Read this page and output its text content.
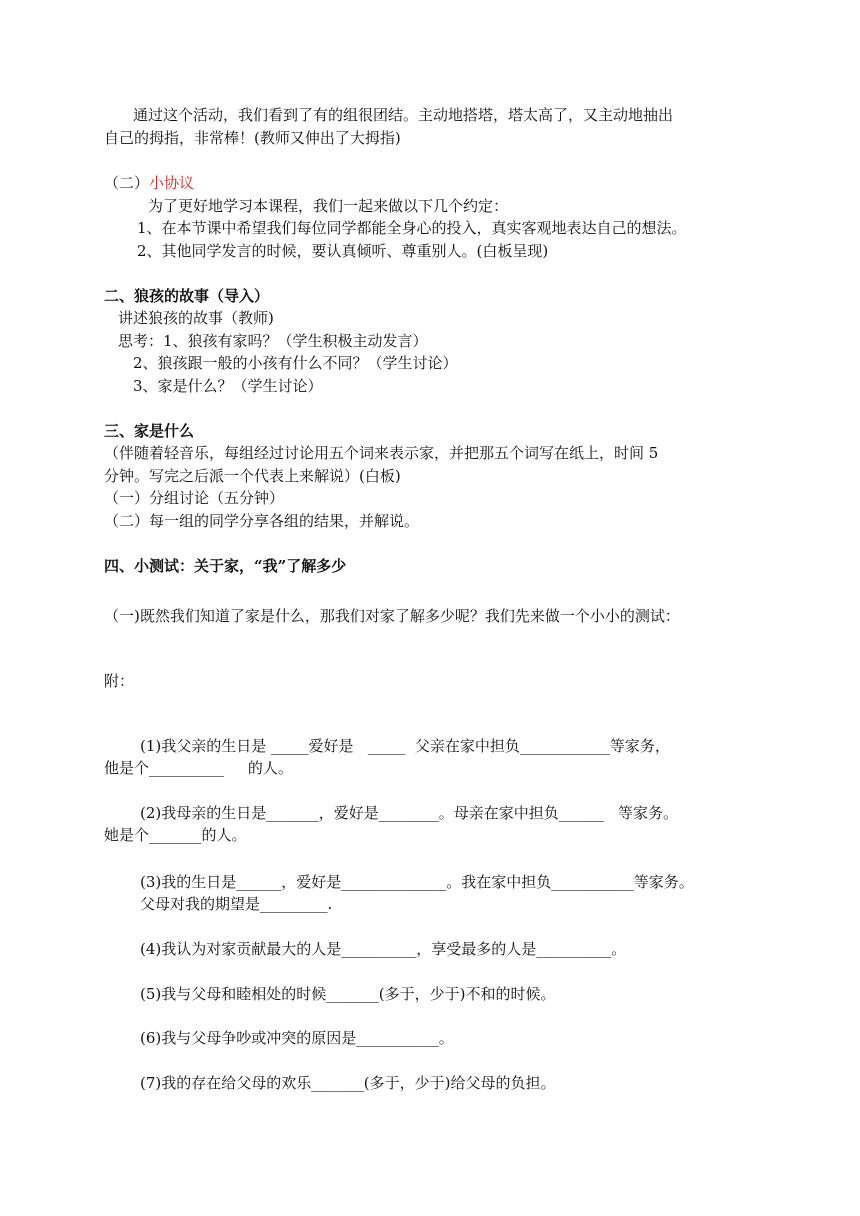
通过这个活动，我们看到了有的组很团结。主动地搭塔，塔太高了，又主动地抽出
自己的拇指，非常棒！(教师又伸出了大拇指)
（二）小协议
为了更好地学习本课程，我们一起来做以下几个约定：
1、在本节课中希望我们每位同学都能全身心的投入，真实客观地表达自己的想法。
2、其他同学发言的时候，要认真倾听、尊重别人。(白板呈现)
二、狼孩的故事（导入）
讲述狼孩的故事（教师)
思考：1、狼孩有家吗？（学生积极主动发言）
2、狼孩跟一般的小孩有什么不同？（学生讨论）
3、家是什么？（学生讨论）
三、家是什么
（伴随着轻音乐，每组经过讨论用五个词来表示家，并把那五个词写在纸上，时间 5
分钟。写完之后派一个代表上来解说）(白板)
（一）分组讨论（五分钟）
（二）每一组的同学分享各组的结果，并解说。
四、小测试：关于家，“我”了解多少
（一)既然我们知道了家是什么，那我们对家了解多少呢？我们先来做一个小小的测试：
附：
(1)我父亲的生日是 _____爱好是   _____  父亲在家中担负____________等家务，
他是个__________     的人。
(2)我母亲的生日是_______，爱好是________。母亲在家中担负______   等家务。
她是个_______的人。
(3)我的生日是______，爱好是______________。我在家中担负___________等家务。
父母对我的期望是_________.
(4)我认为对家贡献最大的人是__________，享受最多的人是__________。
(5)我与父母和睦相处的时候_______(多于，少于)不和的时候。
(6)我与父母争吵或冲突的原因是___________。
(7)我的存在给父母的欢乐_______(多于，少于)给父母的负担。
